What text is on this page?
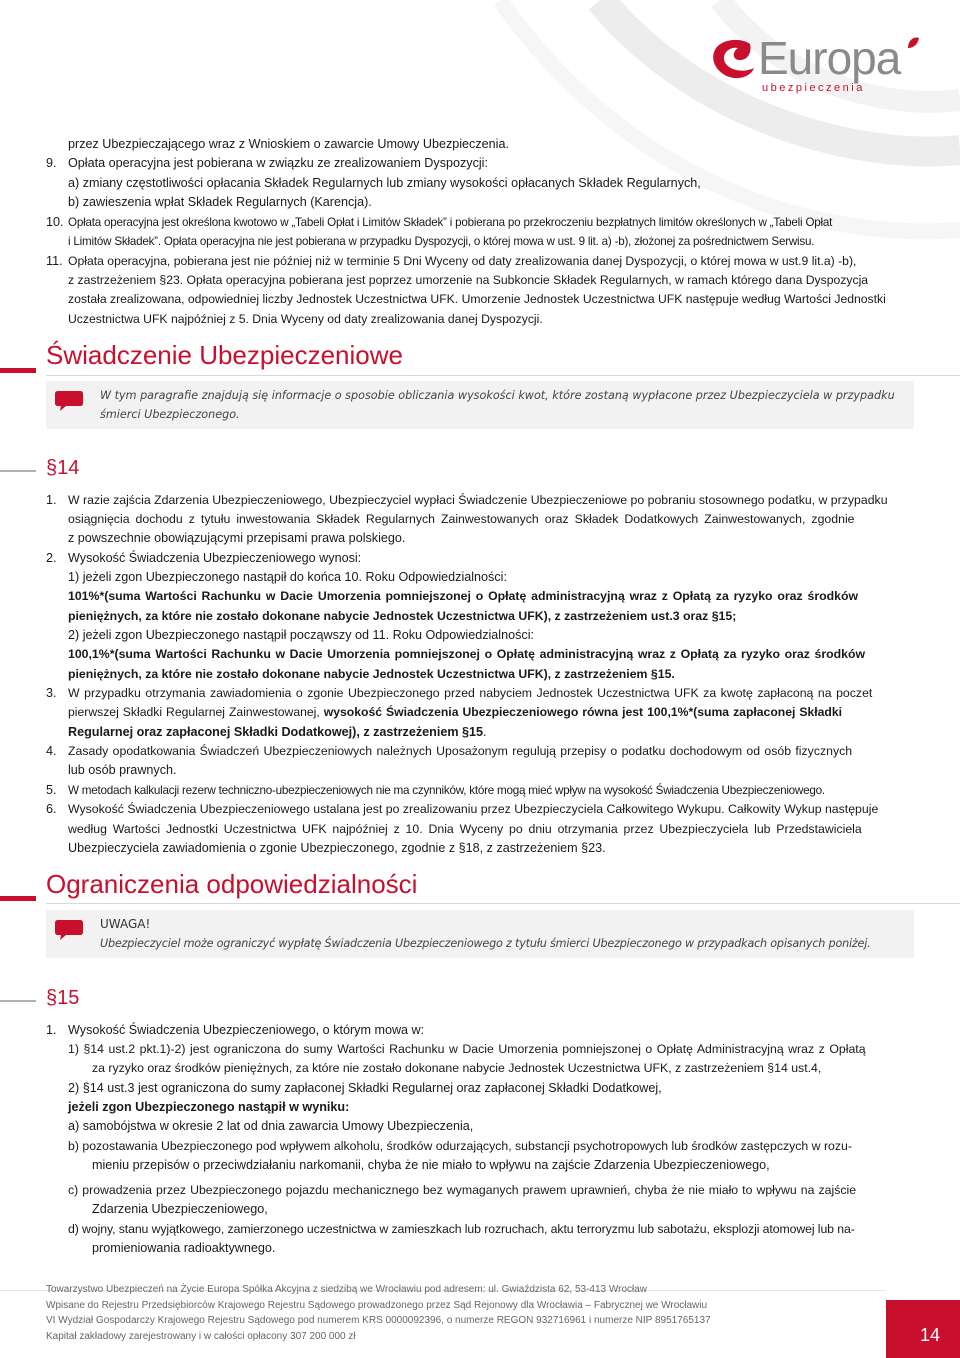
Europa
ubezpieczenia
przez Ubezpieczającego wraz z Wnioskiem o zawarcie Umowy Ubezpieczenia.
9. Opłata operacyjna jest pobierana w związku ze zrealizowaniem Dyspozycji:
a) zmiany częstotliwości opłacania Składek Regularnych lub zmiany wysokości opłacanych Składek Regularnych,
b) zawieszenia wpłat Składek Regularnych (Karencja).
10. Opłata operacyjna jest określona kwotowo w „Tabeli Opłat i Limitów Składek” i pobierana po przekroczeniu bezpłatnych limitów określonych w „Tabeli Opłat
i Limitów Składek”. Opłata operacyjna nie jest pobierana w przypadku Dyspozycji, o której mowa w ust. 9 lit. a) -b), złożonej za pośrednictwem Serwisu.
11. Opłata operacyjna, pobierana jest nie później niż w terminie 5 Dni Wyceny od daty zrealizowania danej Dyspozycji, o której mowa w ust.9 lit.a) -b),
z zastrzeżeniem §23. Opłata operacyjna pobierana jest poprzez umorzenie na Subkoncie Składek Regularnych, w ramach którego dana Dyspozycja
została zrealizowana, odpowiedniej liczby Jednostek Uczestnictwa UFK. Umorzenie Jednostek Uczestnictwa UFK następuje według Wartości Jednostki
Uczestnictwa UFK najpóźniej z 5. Dnia Wyceny od daty zrealizowania danej Dyspozycji.
Świadczenie Ubezpieczeniowe
W tym paragrafie znajdują się informacje o sposobie obliczania wysokości kwot, które zostaną wypłacone przez Ubezpieczyciela w przypadku
śmierci Ubezpieczonego.
§14
1. W razie zajścia Zdarzenia Ubezpieczeniowego, Ubezpieczyciel wypłaci Świadczenie Ubezpieczeniowe po pobraniu stosownego podatku, w przypadku
osiągnięcia dochodu z tytułu inwestowania Składek Regularnych Zainwestowanych oraz Składek Dodatkowych Zainwestowanych, zgodnie
z powszechnie obowiązującymi przepisami prawa polskiego.
2. Wysokość Świadczenia Ubezpieczeniowego wynosi:
1) jeżeli zgon Ubezpieczonego nastąpił do końca 10. Roku Odpowiedzialności:
101%*(suma Wartości Rachunku w Dacie Umorzenia pomniejszonej o Opłatę administracyjną wraz z Opłatą za ryzyko oraz środków
pieniężnych, za które nie zostało dokonane nabycie Jednostek Uczestnictwa UFK), z zastrzeżeniem ust.3 oraz §15;
2) jeżeli zgon Ubezpieczonego nastąpił począwszy od 11. Roku Odpowiedzialności:
100,1%*(suma Wartości Rachunku w Dacie Umorzenia pomniejszonej o Opłatę administracyjną wraz z Opłatą za ryzyko oraz środków
pieniężnych, za które nie zostało dokonane nabycie Jednostek Uczestnictwa UFK), z zastrzeżeniem §15.
3. W przypadku otrzymania zawiadomienia o zgonie Ubezpieczonego przed nabyciem Jednostek Uczestnictwa UFK za kwotę zapłaconą na poczet
pierwszej Składki Regularnej Zainwestowanej, wysokość Świadczenia Ubezpieczeniowego równa jest 100,1%*(suma zapłaconej Składki
Regularnej oraz zapłaconej Składki Dodatkowej), z zastrzeżeniem §15.
4. Zasady opodatkowania Świadczeń Ubezpieczeniowych należnych Uposażonym regulują przepisy o podatku dochodowym od osób fizycznych
lub osób prawnych.
5. W metodach kalkulacji rezerw techniczno-ubezpieczeniowych nie ma czynników, które mogą mieć wpływ na wysokość Świadczenia Ubezpieczeniowego.
6. Wysokość Świadczenia Ubezpieczeniowego ustalana jest po zrealizowaniu przez Ubezpieczyciela Całkowitego Wykupu. Całkowity Wykup następuje
według Wartości Jednostki Uczestnictwa UFK najpóźniej z 10. Dnia Wyceny po dniu otrzymania przez Ubezpieczyciela lub Przedstawiciela
Ubezpieczyciela zawiadomienia o zgonie Ubezpieczonego, zgodnie z §18, z zastrzeżeniem §23.
Ograniczenia odpowiedzialności
UWAGA!
Ubezpieczyciel może ograniczyć wypłatę Świadczenia Ubezpieczeniowego z tytułu śmierci Ubezpieczonego w przypadkach opisanych poniżej.
§15
1. Wysokość Świadczenia Ubezpieczeniowego, o którym mowa w:
1) §14 ust.2 pkt.1)-2) jest ograniczona do sumy Wartości Rachunku w Dacie Umorzenia pomniejszonej o Opłatę Administracyjną wraz z Opłatą
za ryzyko oraz środków pieniężnych, za które nie zostało dokonane nabycie Jednostek Uczestnictwa UFK, z zastrzeżeniem §14 ust.4,
2) §14 ust.3 jest ograniczona do sumy zapłaconej Składki Regularnej oraz zapłaconej Składki Dodatkowej,
jeżeli zgon Ubezpieczonego nastąpił w wyniku:
a) samobójstwa w okresie 2 lat od dnia zawarcia Umowy Ubezpieczenia,
b) pozostawania Ubezpieczonego pod wpływem alkoholu, środków odurzających, substancji psychotropowych lub środków zastępczych w rozu-
mieniu przepisów o przeciwdziałaniu narkomanii, chyba że nie miało to wpływu na zajście Zdarzenia Ubezpieczeniowego,
c) prowadzenia przez Ubezpieczonego pojazdu mechanicznego bez wymaganych prawem uprawnień, chyba że nie miało to wpływu na zajście
Zdarzenia Ubezpieczeniowego,
d) wojny, stanu wyjątkowego, zamierzonego uczestnictwa w zamieszkach lub rozruchach, aktu terroryzmu lub sabotażu, eksplozji atomowej lub na-
promieniowania radioaktywnego.
Towarzystwo Ubezpieczeń na Życie Europa Spółka Akcyjna z siedzibą we Wrocławiu pod adresem: ul. Gwiaździsta 62, 53-413 Wrocław
Wpisane do Rejestru Przedsiębiorców Krajowego Rejestru Sądowego prowadzonego przez Sąd Rejonowy dla Wrocławia – Fabrycznej we Wrocławiu
VI Wydział Gospodarczy Krajowego Rejestru Sądowego pod numerem KRS 0000092396, o numerze REGON 932716961 i numerze NIP 8951765137
Kapitał zakładowy zarejestrowany i w całości opłacony 307 200 000 zł	14
